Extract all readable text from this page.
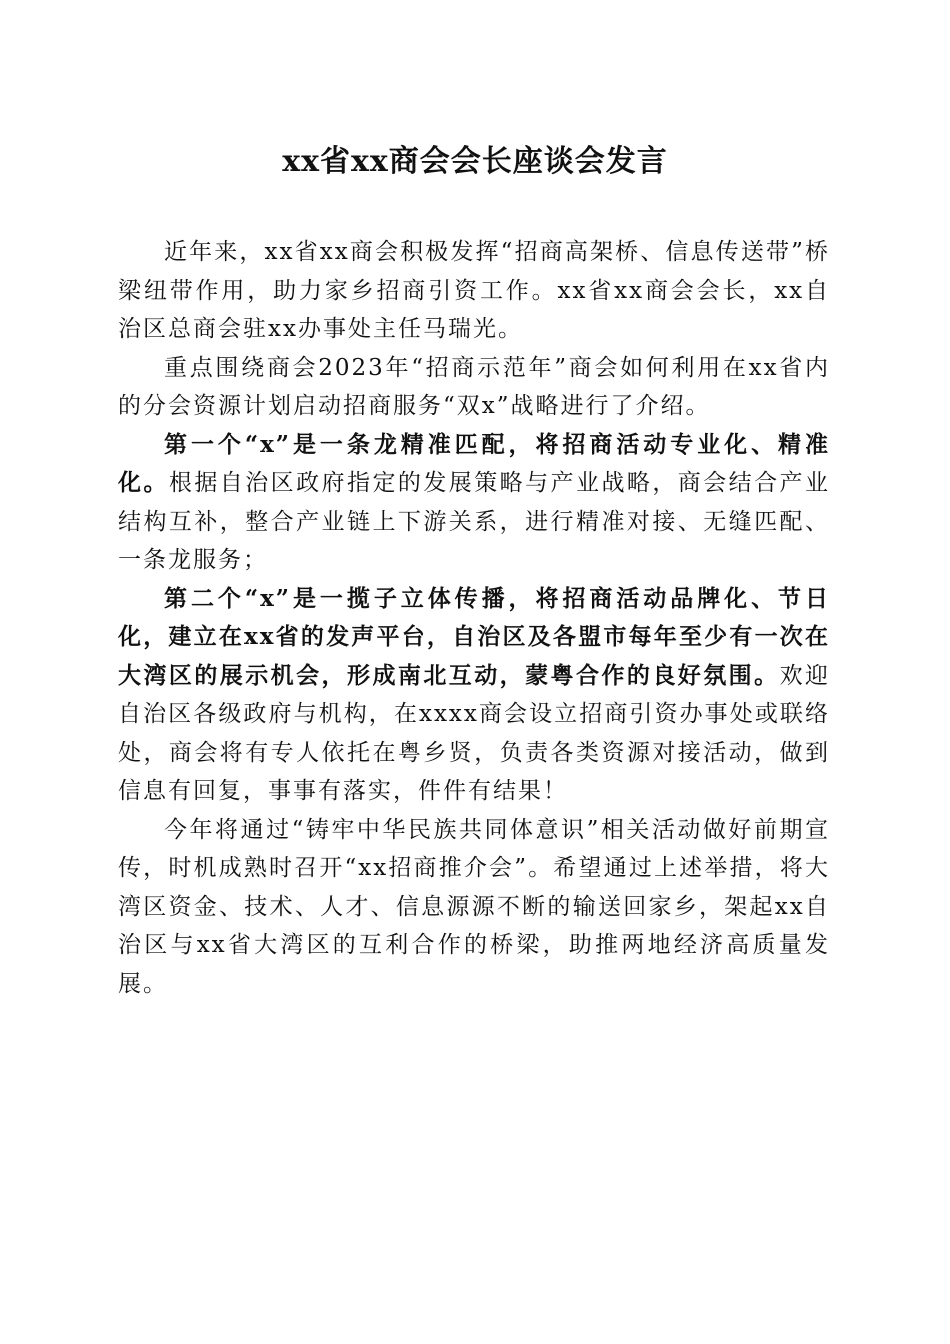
xx省xx商会会长座谈会发言

近年来，xx省xx商会积极发挥“招商高架桥、信息传送带”桥梁纽带作用，助力家乡招商引资工作。xx省xx商会会长，xx自治区总商会驻xx办事处主任马瑞光。

重点围绕商会2023年“招商示范年”商会如何利用在xx省内的分会资源计划启动招商服务“双x”战略进行了介绍。

第一个“x”是一条龙精准匹配，将招商活动专业化、精准化。根据自治区政府指定的发展策略与产业战略，商会结合产业结构互补，整合产业链上下游关系，进行精准对接、无缝匹配、一条龙服务；

第二个“x”是一揽子立体传播，将招商活动品牌化、节日化，建立在xx省的发声平台，自治区及各盟市每年至少有一次在大湾区的展示机会，形成南北互动，蒙粤合作的良好氛围。欢迎自治区各级政府与机构，在xxxx商会设立招商引资办事处或联络处，商会将有专人依托在粤乡贤，负责各类资源对接活动，做到信息有回复，事事有落实，件件有结果！

今年将通过“铸牢中华民族共同体意识”相关活动做好前期宣传，时机成熟时召开“xx招商推介会”。希望通过上述举措，将大湾区资金、技术、人才、信息源源不断的输送回家乡，架起xx自治区与xx省大湾区的互利合作的桥梁，助推两地经济高质量发展。
